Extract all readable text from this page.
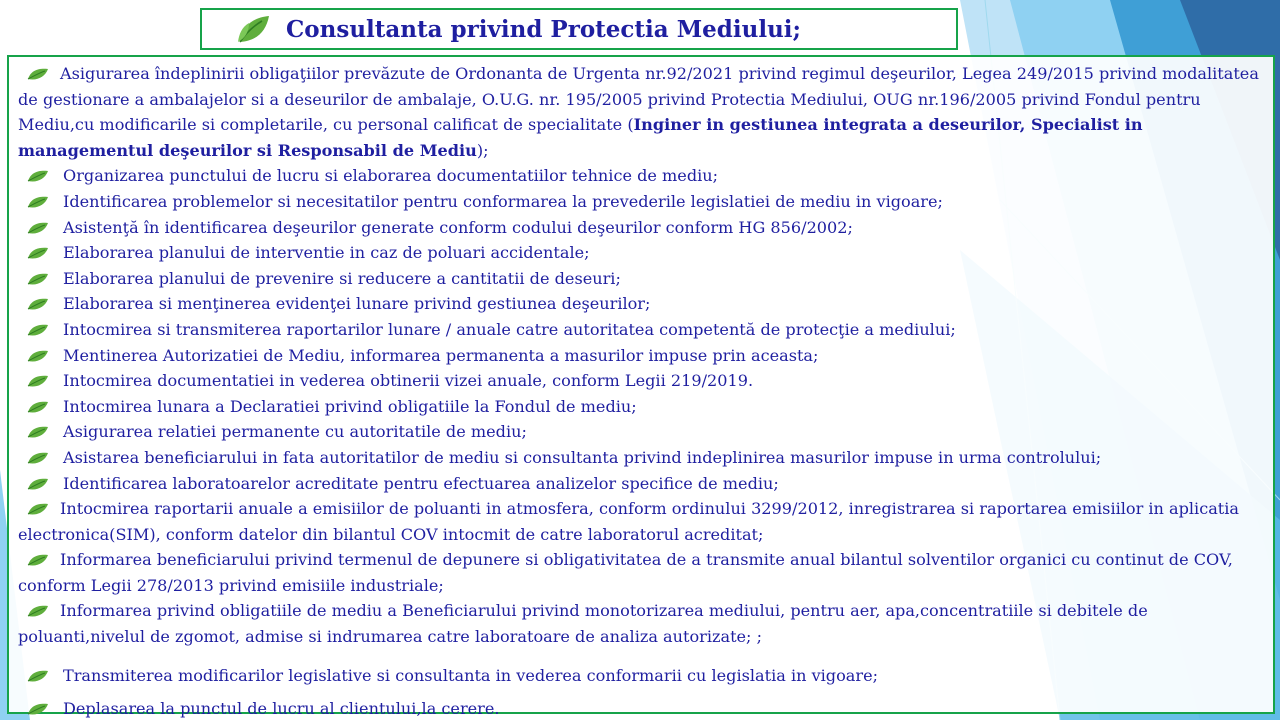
Consultanta privind Protectia Mediului;
Asigurarea îndeplinirii obligaţiilor prevăzute de Ordonanta de Urgenta nr.92/2021 privind regimul deşeurilor, Legea 249/2015 privind modalitatea de gestionare a ambalajelor si a deseurilor de ambalaje, O.U.G. nr. 195/2005 privind Protectia Mediului, OUG nr.196/2005 privind Fondul pentru Mediu,cu modificarile si completarile, cu personal calificat de specialitate (Inginer in gestiunea integrata a deseurilor, Specialist in managementul deşeurilor si Responsabil de Mediu);
Organizarea punctului de lucru si elaborarea documentatiilor tehnice de mediu;
Identificarea problemelor si necesitatilor pentru conformarea la prevederile legislatiei de mediu in vigoare;
Asistenţă în identificarea deşeurilor generate conform codului deşeurilor conform HG 856/2002;
Elaborarea planului de interventie in caz de poluari accidentale;
Elaborarea planului de prevenire si reducere a cantitatii de deseuri;
Elaborarea si menţinerea evidenţei lunare privind gestiunea deşeurilor;
Intocmirea si transmiterea raportarilor lunare / anuale catre autoritatea competentă de protecţie a mediului;
Mentinerea Autorizatiei de Mediu, informarea permanenta a masurilor impuse prin aceasta;
Intocmirea documentatiei in vederea obtinerii vizei anuale, conform Legii 219/2019.
Intocmirea lunara a Declaratiei privind obligatiile la Fondul de mediu;
Asigurarea relatiei permanente cu autoritatile de mediu;
Asistarea beneficiarului in fata autoritatilor de mediu si consultanta privind indeplinirea masurilor impuse in urma controlului;
Identificarea laboratoarelor acreditate pentru efectuarea analizelor specifice de mediu;
Intocmirea raportarii anuale a emisiilor de poluanti in atmosfera, conform ordinului 3299/2012, inregistrarea si raportarea emisiilor in aplicatia electronica(SIM), conform datelor din bilantul COV intocmit de catre laboratorul acreditat;
Informarea beneficiarului privind termenul de depunere si obligativitatea de a transmite anual bilantul solventilor organici cu continut de COV, conform Legii 278/2013 privind emisiile industriale;
Informarea privind obligatiile de mediu a Beneficiarului privind monotorizarea mediului, pentru aer, apa,concentratiile si debitele de poluanti,nivelul de zgomot, admise si indrumarea catre laboratoare de analiza autorizate; ;
Transmiterea modificarilor legislative si consultanta in vederea conformarii cu legislatia in vigoare;
Deplasarea la punctul de lucru al clientului,la cerere.
